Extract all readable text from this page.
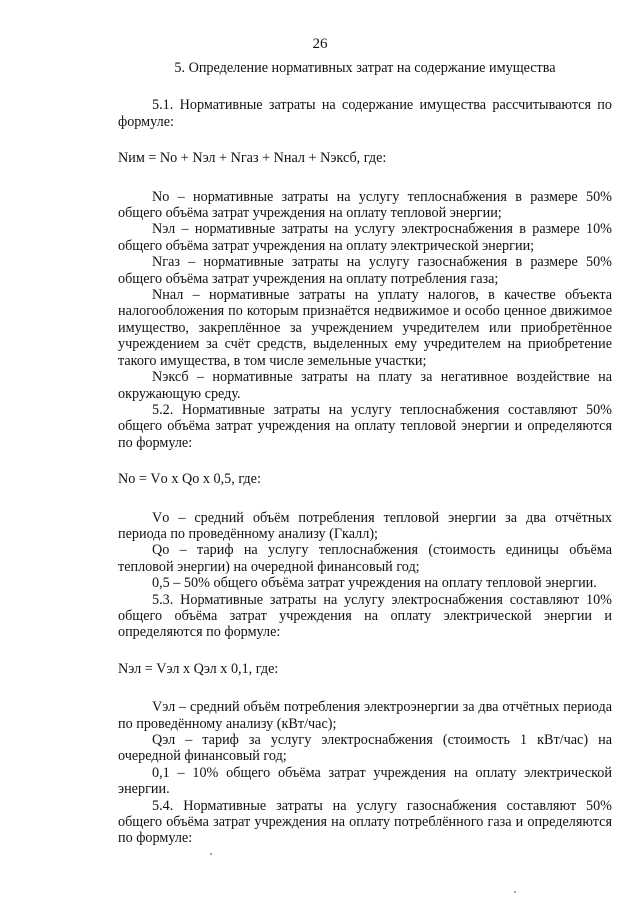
26
5. Определение нормативных затрат на содержание имущества

5.1. Нормативные затраты на содержание имущества рассчитываются по формуле:

Nим = Nо + Nэл + Nгаз + Nнал + Nэксб, где:

Nо – нормативные затраты на услугу теплоснабжения в размере 50% общего объёма затрат учреждения на оплату тепловой энергии;

Nэл – нормативные затраты на услугу электроснабжения в размере 10% общего объёма затрат учреждения на оплату электрической энергии;

Nгаз – нормативные затраты на услугу газоснабжения в размере 50% общего объёма затрат учреждения на оплату потребления газа;

Nнал – нормативные затраты на уплату налогов, в качестве объекта налогообложения по которым признаётся недвижимое и особо ценное движимое имущество, закреплённое за учреждением учредителем или приобретённое учреждением за счёт средств, выделенных ему учредителем на приобретение такого имущества, в том числе земельные участки;

Nэксб – нормативные затраты на плату за негативное воздействие на окружающую среду.

5.2. Нормативные затраты на услугу теплоснабжения составляют 50% общего объёма затрат учреждения на оплату тепловой энергии и определяются по формуле:

Nо = Vо х Qо х 0,5, где:

Vо – средний объём потребления тепловой энергии за два отчётных периода по проведённому анализу (Гкалл);

Qо – тариф на услугу теплоснабжения (стоимость единицы объёма тепловой энергии) на очередной финансовый год;

0,5 – 50% общего объёма затрат учреждения на оплату тепловой энергии.

5.3. Нормативные затраты на услугу электроснабжения составляют 10% общего объёма затрат учреждения на оплату электрической энергии и определяются по формуле:

Nэл = Vэл х Qэл х 0,1, где:

Vэл – средний объём потребления электроэнергии за два отчётных периода по проведённому анализу (кВт/час);

Qэл – тариф за услугу электроснабжения (стоимость 1 кВт/час) на очередной финансовый год;

0,1 – 10% общего объёма затрат учреждения на оплату электрической энергии.

5.4. Нормативные затраты на услугу газоснабжения составляют 50% общего объёма затрат учреждения на оплату потреблённого газа и определяются по формуле:
